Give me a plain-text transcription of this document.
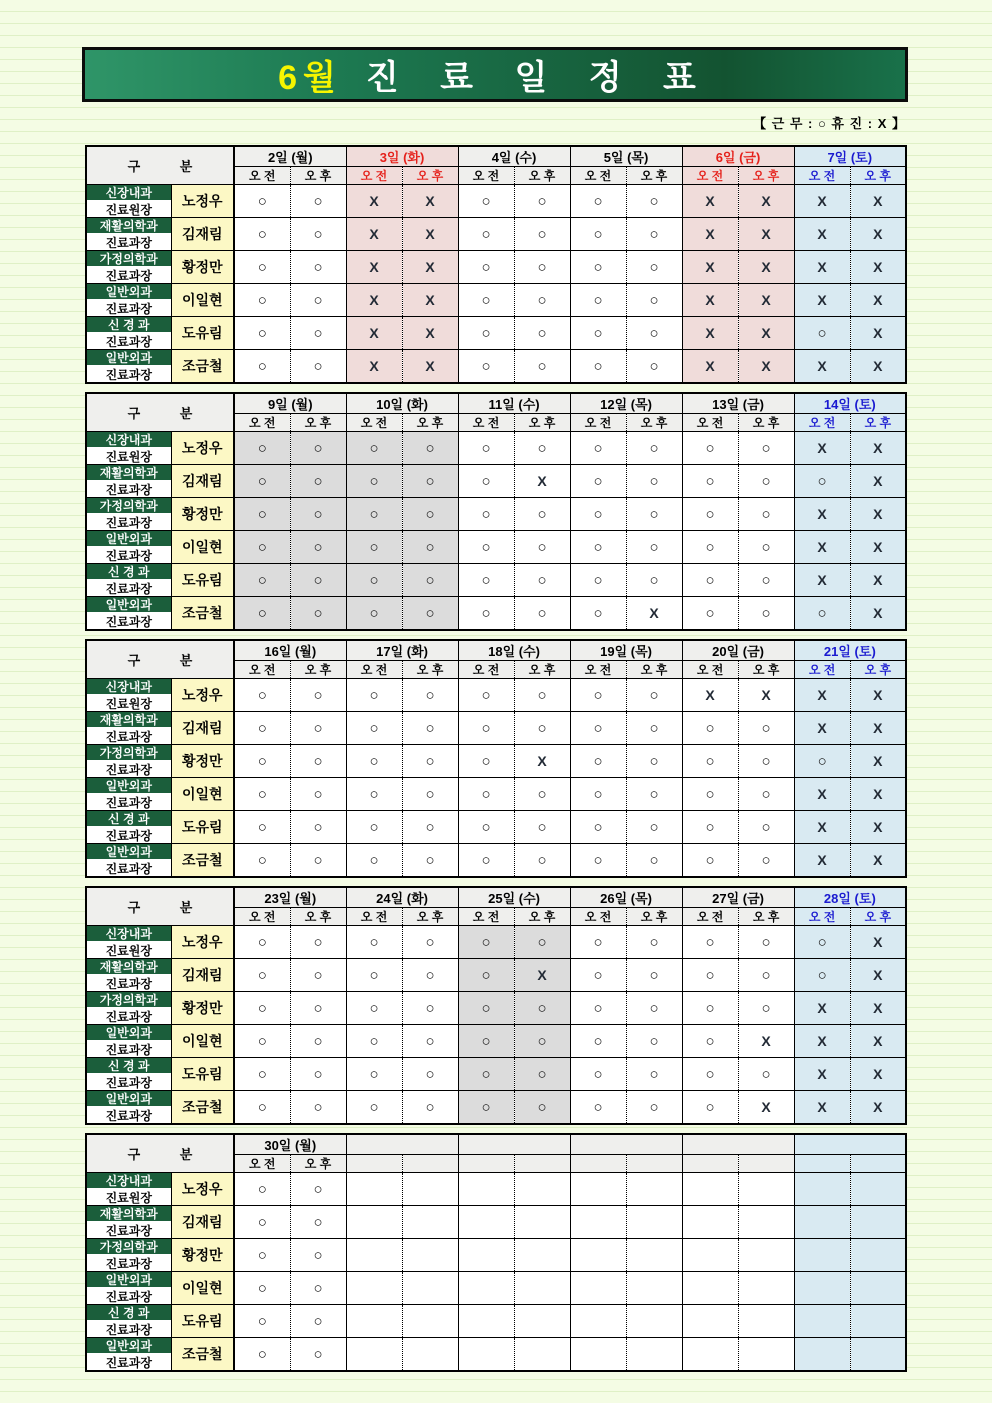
6월 진 료 일 정 표
【 근 무 : ○ 휴 진 : X 】
구 분		2일 (월)		3일 (화)		4일 (수)		5일 (목)		6일 (금)		7일 (토)	
		오 전	오 후	오 전	오 후	오 전	오 후	오 전	오 후	오 전	오 후	오 전	오 후

신장내과
진료원장	노정우	○	○	X	X	○	○	○	○	X	X	X	X

재활의학과
진료과장	김재림	○	○	X	X	○	○	○	○	X	X	X	X

가정의학과
진료과장	황정만	○	○	X	X	○	○	○	○	X	X	X	X

일반외과
진료과장	이일현	○	○	X	X	○	○	○	○	X	X	X	X

신 경 과
진료과장	도유림	○	○	X	X	○	○	○	○	X	X	○	X

일반외과
진료과장	조금철	○	○	X	X	○	○	○	○	X	X	X	X
구 분		9일 (월)		10일 (화)		11일 (수)		12일 (목)		13일 (금)		14일 (토)	
		오 전	오 후	오 전	오 후	오 전	오 후	오 전	오 후	오 전	오 후	오 전	오 후

신장내과
진료원장	노정우	○	○	○	○	○	○	○	○	○	○	X	X

재활의학과
진료과장	김재림	○	○	○	○	○	X	○	○	○	○	○	X

가정의학과
진료과장	황정만	○	○	○	○	○	○	○	○	○	○	X	X

일반외과
진료과장	이일현	○	○	○	○	○	○	○	○	○	○	X	X

신 경 과
진료과장	도유림	○	○	○	○	○	○	○	○	○	○	X	X

일반외과
진료과장	조금철	○	○	○	○	○	○	○	X	○	○	○	X
구 분		16일 (월)		17일 (화)		18일 (수)		19일 (목)		20일 (금)		21일 (토)	
		오 전	오 후	오 전	오 후	오 전	오 후	오 전	오 후	오 전	오 후	오 전	오 후

신장내과
진료원장	노정우	○	○	○	○	○	○	○	○	X	X	X	X

재활의학과
진료과장	김재림	○	○	○	○	○	○	○	○	○	○	X	X

가정의학과
진료과장	황정만	○	○	○	○	○	X	○	○	○	○	○	X

일반외과
진료과장	이일현	○	○	○	○	○	○	○	○	○	○	X	X

신 경 과
진료과장	도유림	○	○	○	○	○	○	○	○	○	○	X	X

일반외과
진료과장	조금철	○	○	○	○	○	○	○	○	○	○	X	X
구 분		23일 (월)		24일 (화)		25일 (수)		26일 (목)		27일 (금)		28일 (토)	
		오 전	오 후	오 전	오 후	오 전	오 후	오 전	오 후	오 전	오 후	오 전	오 후

신장내과
진료원장	노정우	○	○	○	○	○	○	○	○	○	○	○	X

재활의학과
진료과장	김재림	○	○	○	○	○	X	○	○	○	○	○	X

가정의학과
진료과장	황정만	○	○	○	○	○	○	○	○	○	○	X	X

일반외과
진료과장	이일현	○	○	○	○	○	○	○	○	○	X	X	X

신 경 과
진료과장	도유림	○	○	○	○	○	○	○	○	○	○	X	X

일반외과
진료과장	조금철	○	○	○	○	○	○	○	○	○	X	X	X
구 분		30일 (월)											
		오 전	오 후										

신장내과
진료원장	노정우	○	○										

재활의학과
진료과장	김재림	○	○										

가정의학과
진료과장	황정만	○	○										

일반외과
진료과장	이일현	○	○										

신 경 과
진료과장	도유림	○	○										

일반외과
진료과장	조금철	○	○										
